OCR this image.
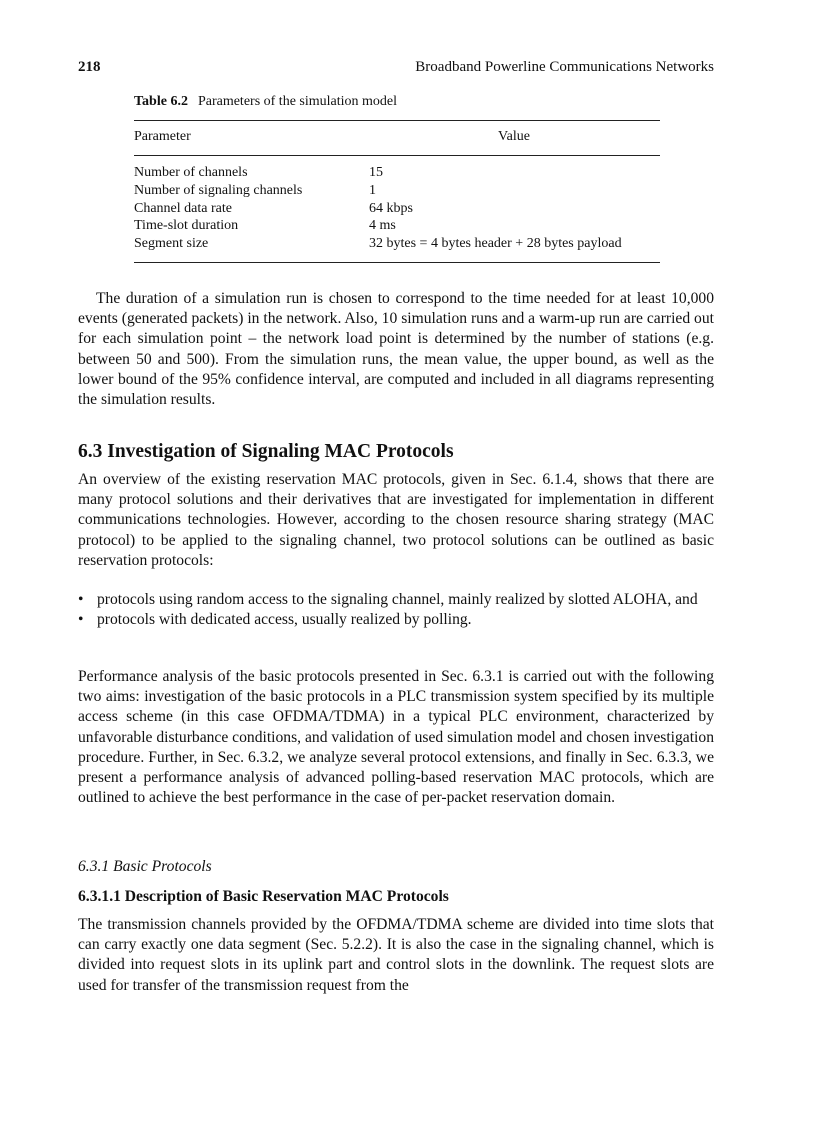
218	Broadband Powerline Communications Networks
Table 6.2 Parameters of the simulation model
Parameter	Value
Number of channels	15
Number of signaling channels	1
Channel data rate	64 kbps
Time-slot duration	4 ms
Segment size	32 bytes = 4 bytes header + 28 bytes payload

The duration of a simulation run is chosen to correspond to the time needed for at least 10,000 events (generated packets) in the network. Also, 10 simulation runs and a warm-up run are carried out for each simulation point – the network load point is determined by the number of stations (e.g. between 50 and 500). From the simulation runs, the mean value, the upper bound, as well as the lower bound of the 95% confidence interval, are computed and included in all diagrams representing the simulation results.

6.3 Investigation of Signaling MAC Protocols

An overview of the existing reservation MAC protocols, given in Sec. 6.1.4, shows that there are many protocol solutions and their derivatives that are investigated for implementation in different communications technologies. However, according to the chosen resource sharing strategy (MAC protocol) to be applied to the signaling channel, two protocol solutions can be outlined as basic reservation protocols:

• protocols using random access to the signaling channel, mainly realized by slotted ALOHA, and
• protocols with dedicated access, usually realized by polling.

Performance analysis of the basic protocols presented in Sec. 6.3.1 is carried out with the following two aims: investigation of the basic protocols in a PLC transmission system specified by its multiple access scheme (in this case OFDMA/TDMA) in a typical PLC environment, characterized by unfavorable disturbance conditions, and validation of used simulation model and chosen investigation procedure. Further, in Sec. 6.3.2, we analyze several protocol extensions, and finally in Sec. 6.3.3, we present a performance analysis of advanced polling-based reservation MAC protocols, which are outlined to achieve the best performance in the case of per-packet reservation domain.

6.3.1 Basic Protocols
6.3.1.1 Description of Basic Reservation MAC Protocols

The transmission channels provided by the OFDMA/TDMA scheme are divided into time slots that can carry exactly one data segment (Sec. 5.2.2). It is also the case in the signaling channel, which is divided into request slots in its uplink part and control slots in the downlink. The request slots are used for transfer of the transmission request from the
